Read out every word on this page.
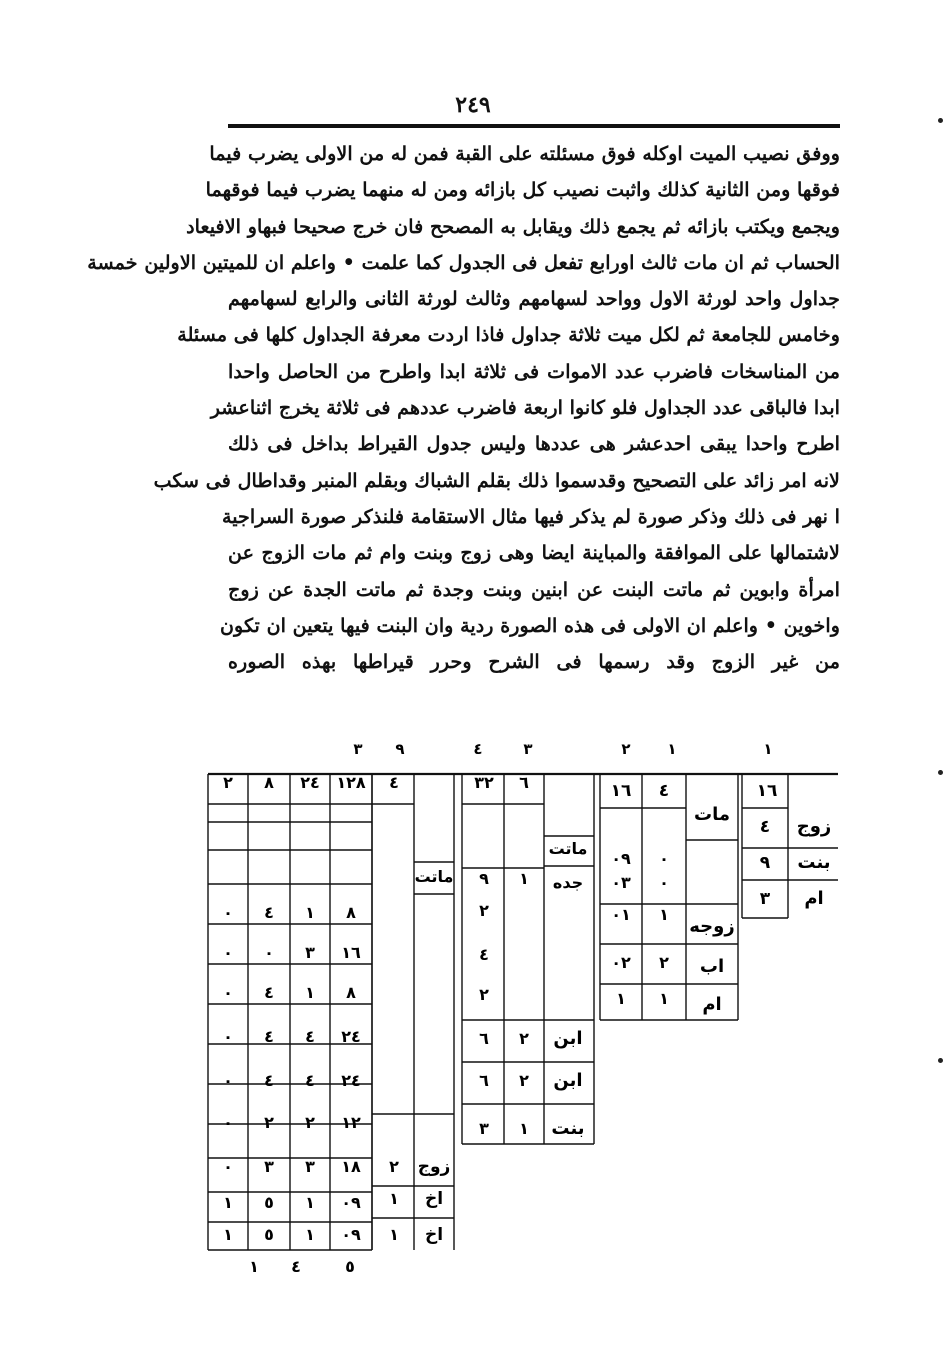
٢٤٩
ووفق نصيب الميت اوكله فوق مسئلته على القبة فمن له من الاولى يضرب فيما
فوقها ومن الثانية كذلك واثبت نصيب كل بازائه ومن له منهما يضرب فيما فوقهما
ويجمع ويكتب بازائه ثم يجمع ذلك ويقابل به المصحح فان خرج صحيحا فبهاو الافيعاد
الحساب ثم ان مات ثالث اورابع تفعل فى الجدول كما علمت • واعلم ان للميتين الاولين خمسة
جداول واحد لورثة الاول وواحد لسهامهم وثالث لورثة الثانى والرابع لسهامهم
وخامس للجامعة ثم لكل ميت ثلاثة جداول فاذا اردت معرفة الجداول كلها فى مسئلة
من المناسخات فاضرب عدد الاموات فى ثلاثة ابدا واطرح من الحاصل واحدا
ابدا فالباقى عدد الجداول فلو كانوا اربعة فاضرب عددهم فى ثلاثة يخرج اثناعشر
اطرح واحدا يبقى احدعشر هى عددها وليس جدول القيراط بداخل فى ذلك
لانه امر زائد على التصحيح وقدسموا ذلك بقلم الشباك وبقلم المنبر وقداطال فى سكب
ا نهر فى ذلك وذكر صورة لم يذكر فيها مثال الاستقامة فلنذكر صورة السراجية
لاشتمالها على الموافقة والمباينة ايضا وهى زوج وبنت وام ثم مات الزوج عن
امرأة وابوين ثم ماتت البنت عن ابنين وبنت وجدة ثم ماتت الجدة عن زوج
واخوين • واعلم ان الاولى فى هذه الصورة ردية وان البنت فيها يتعين ان تكون
من غير الزوج وقد رسمها فى الشرح وحرر قيراطها بهذه الصوره
١
١
٢
٣
٤
٩
٣
١٦
زوج
٤
بنت
٩
ام
٣
١٦ ٤
مات
٠٩ ٠
٠٣ ٠
٠١ ١
٠٢ ٢
١ ١
زوجه
اب
ام
٣٢ ٦
ماتت
جده
٩ ١
٢
٤
٢
ابن
٢
٦
ابن
٢
٦
بنت
١
٣
٤
ماتت
زوج
٢
اخ
١
اخ
١
١٢٨
٢٤
٨
٢
٨
١
٤
٠
١٦
٣
٠
٠
٨
١
٤
٠
٢٤
٤
٤
٠
٢٤
٤
٤
٠
١٢
٢
٢
٠
١٨
٣
٣
٠
٠٩
١
٥
١
٠٩
١
٥
١
٥
٤
١
